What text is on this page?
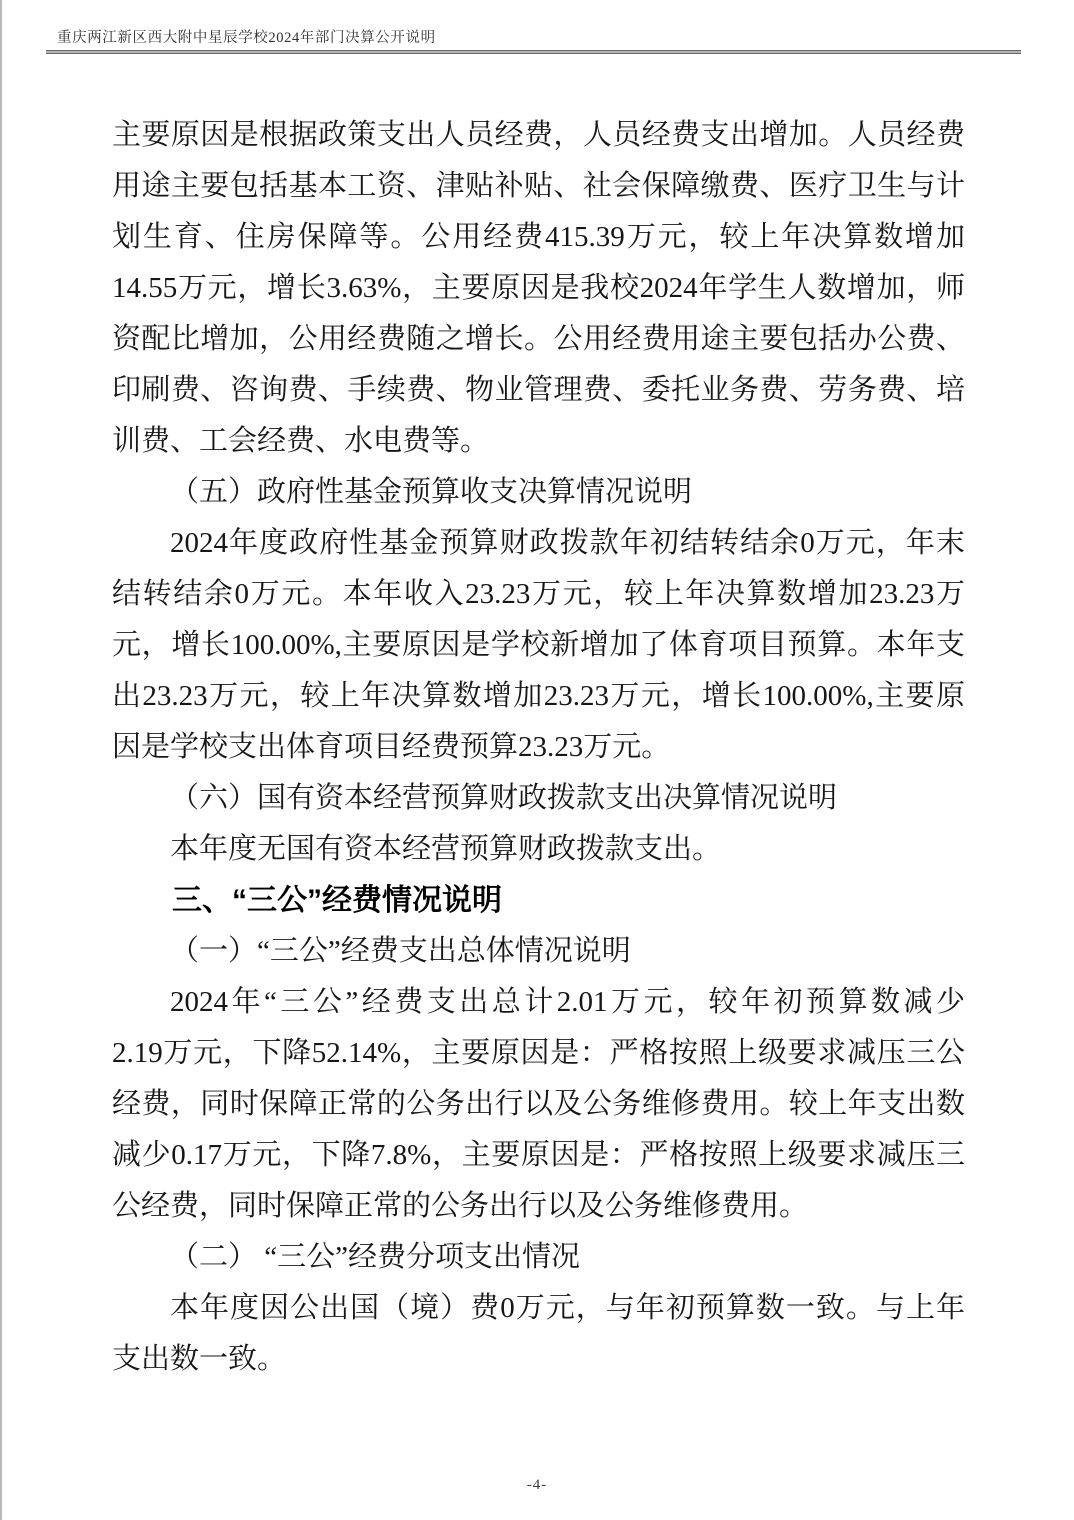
重庆两江新区西大附中星辰学校2024年部门决算公开说明
主要原因是根据政策支出人员经费，人员经费支出增加。人员经费
用途主要包括基本工资、津贴补贴、社会保障缴费、医疗卫生与计
划生育、住房保障等。公用经费415.39万元，较上年决算数增加
14.55万元，增长3.63%，主要原因是我校2024年学生人数增加，师
资配比增加，公用经费随之增长。公用经费用途主要包括办公费、
印刷费、咨询费、手续费、物业管理费、委托业务费、劳务费、培
训费、工会经费、水电费等。
（五）政府性基金预算收支决算情况说明
2024年度政府性基金预算财政拨款年初结转结余0万元，年末
结转结余0万元。本年收入23.23万元，较上年决算数增加23.23万
元，增长100.00%,主要原因是学校新增加了体育项目预算。本年支
出23.23万元，较上年决算数增加23.23万元，增长100.00%,主要原
因是学校支出体育项目经费预算23.23万元。
（六）国有资本经营预算财政拨款支出决算情况说明
本年度无国有资本经营预算财政拨款支出。
三、“三公”经费情况说明
（一）“三公”经费支出总体情况说明
2024年“三公”经费支出总计2.01万元，较年初预算数减少
2.19万元，下降52.14%，主要原因是：严格按照上级要求减压三公
经费，同时保障正常的公务出行以及公务维修费用。较上年支出数
减少0.17万元，下降7.8%，主要原因是：严格按照上级要求减压三
公经费，同时保障正常的公务出行以及公务维修费用。
（二） “三公”经费分项支出情况
本年度因公出国（境）费0万元，与年初预算数一致。与上年
支出数一致。
-4-
